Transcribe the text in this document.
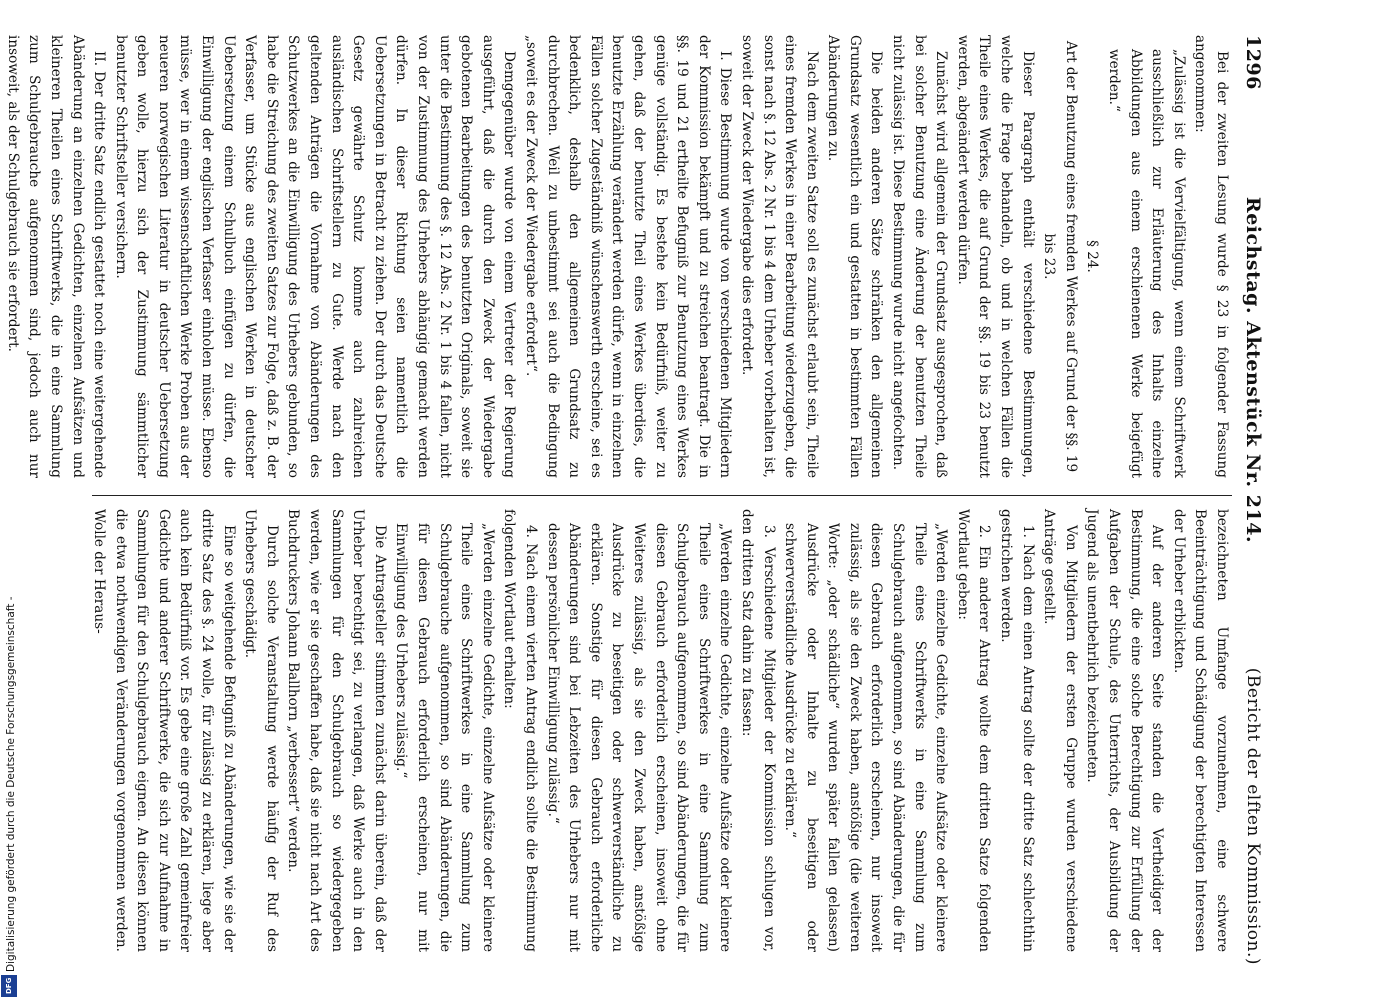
1296
Reichstag. Aktenstück Nr. 214.
(Bericht der elften Kommission.)

Bei der zweiten Lesung wurde § 23 in folgender Fassung angenommen:

„Zulässig ist die Vervielfältigung, wenn einem Schriftwerk ausschließlich zur Erläuterung des Inhalts einzelne Abbildungen aus einem erschienenen Werke beigefügt werden.“

§ 24.

Art der Benutzung eines fremden Werkes auf Grund der §§. 19 bis 23.

Dieser Paragraph enthält verschiedene Bestimmungen, welche die Frage behandeln, ob und in welchen Fällen die Theile eines Werkes, die auf Grund der §§. 19 bis 23 benutzt werden, abgeändert werden dürfen.

Zunächst wird allgemein der Grundsatz ausgesprochen, daß bei solcher Benutzung eine Änderung der benutzten Theile nicht zulässig ist. Diese Bestimmung wurde nicht angefochten.

Die beiden anderen Sätze schränken den allgemeinen Grundsatz wesentlich ein und gestatten in bestimmten Fällen Abänderungen zu.

Nach dem zweiten Satze soll es zunächst erlaubt sein, Theile eines fremden Werkes in einer Bearbeitung wiederzugeben, die sonst nach §. 12 Abs. 2 Nr. 1 bis 4 dem Urheber vorbehalten ist, soweit der Zweck der Wiedergabe dies erfordert.

I. Diese Bestimmung wurde von verschiedenen Mitgliedern der Kommission bekämpft und zu streichen beantragt. Die in §§. 19 und 21 ertheilte Befugniß zur Benutzung eines Werkes genüge vollständig. Es bestehe kein Bedürfniß, weiter zu gehen, daß der benutzte Theil eines Werkes überdies, die benutzte Erzählung verändert werden dürfe, wenn in einzelnen Fällen solcher Zugeständniß wünschenswerth erscheine, sei es bedenklich, deshalb den allgemeinen Grundsatz zu durchbrechen. Weil zu unbestimmt sei auch die Bedingung „soweit es der Zweck der Wiedergabe erfordert“.

Demgegenüber wurde von einem Vertreter der Regierung ausgeführt, daß die durch den Zweck der Wiedergabe gebotenen Bearbeitungen des benutzten Originals, soweit sie unter die Bestimmung des §. 12 Abs. 2 Nr. 1 bis 4 fallen, nicht von der Zustimmung des Urhebers abhängig gemacht werden dürfen. In dieser Richtung seien namentlich die Uebersetzungen in Betracht zu ziehen. Der durch das Deutsche Gesetz gewährte Schutz komme auch zahlreichen ausländischen Schriftstellern zu Gute. Werde nach den geltenden Anträgen die Vornahme von Abänderungen des Schutzwerkes an die Einwilligung des Urhebers gebunden, so habe die Streichung des zweiten Satzes zur Folge, daß z. B. der Verfasser, um Stücke aus englischen Werken in deutscher Uebersetzung einem Schulbuch einfügen zu dürfen, die Einwilligung der englischen Verfasser einholen müsse. Ebenso müsse, wer in einem wissenschaftlichen Werke Proben aus der neueren norwegischen Literatur in deutscher Uebersetzung geben wolle, hierzu sich der Zustimmung sämmtlicher benutzter Schriftsteller versichern.

II. Der dritte Satz endlich gestattet noch eine weitergehende Abänderung an einzelnen Gedichten, einzelnen Aufsätzen und kleineren Theilen eines Schriftwerks, die in eine Sammlung zum Schulgebrauche aufgenommen sind, jedoch auch nur insoweit, als der Schulgebrauch sie erfordert.

bezeichneten Umfange vorzunehmen, eine schwere Beeinträchtigung und Schädigung der berechtigten Interessen der Urheber erblickten.

Auf der anderen Seite standen die Vertheidiger der Bestimmung, die eine solche Berechtigung zur Erfüllung der Aufgaben der Schule, des Unterrichts, der Ausbildung der Jugend als unentbehrlich bezeichneten.

Von Mitgliedern der ersten Gruppe wurden verschiedene Anträge gestellt.

1. Nach dem einen Antrag sollte der dritte Satz schlechthin gestrichen werden.

2. Ein anderer Antrag wollte dem dritten Satze folgenden Wortlaut geben:

„Werden einzelne Gedichte, einzelne Aufsätze oder kleinere Theile eines Schriftwerks in eine Sammlung zum Schulgebrauch aufgenommen, so sind Abänderungen, die für diesen Gebrauch erforderlich erscheinen, nur insoweit zulässig, als sie den Zweck haben, anstößige (die weiteren Worte: „oder schädliche“ wurden später fallen gelassen) Ausdrücke oder Inhalte zu beseitigen oder schwerverständliche Ausdrücke zu erklären.“

3. Verschiedene Mitglieder der Kommission schlugen vor, den dritten Satz dahin zu fassen:

„Werden einzelne Gedichte, einzelne Aufsätze oder kleinere Theile eines Schriftwerkes in eine Sammlung zum Schulgebrauch aufgenommen, so sind Abänderungen, die für diesen Gebrauch erforderlich erscheinen, insoweit ohne Weiteres zulässig, als sie den Zweck haben, anstößige Ausdrücke zu beseitigen oder schwerverständliche zu erklären. Sonstige für diesen Gebrauch erforderliche Abänderungen sind bei Lebzeiten des Urhebers nur mit dessen persönlicher Einwilligung zulässig.“

4. Nach einem vierten Antrag endlich sollte die Bestimmung folgenden Wortlaut erhalten:

„Werden einzelne Gedichte, einzelne Aufsätze oder kleinere Theile eines Schriftwerkes in eine Sammlung zum Schulgebrauche aufgenommen, so sind Abänderungen, die für diesen Gebrauch erforderlich erscheinen, nur mit Einwilligung des Urhebers zulässig.“

Die Antragsteller stimmten zunächst darin überein, daß der Urheber berechtigt sei, zu verlangen, daß Werke auch in den Sammlungen für den Schulgebrauch so wiedergegeben werden, wie er sie geschaffen habe, daß sie nicht nach Art des Buchdruckers Johann Ballhorn „verbessert“ werden.

Durch solche Veranstaltung werde häufig der Ruf des Urhebers geschädigt.

Eine so weitgehende Befugniß zu Abänderungen, wie sie der dritte Satz des §. 24 wolle, für zulässig zu erklären, liege aber auch kein Bedürfniß vor. Es gebe eine große Zahl gemeinfreier Gedichte und anderer Schriftwerke, die sich zur Aufnahme in Sammlungen für den Schulgebrauch eignen. An diesen können die etwa nothwendigen Veränderungen vorgenommen werden. Wolle der Heraus-

Digitalisierung gefördert durch die Deutsche Forschungsgemeinschaft -
DFG
